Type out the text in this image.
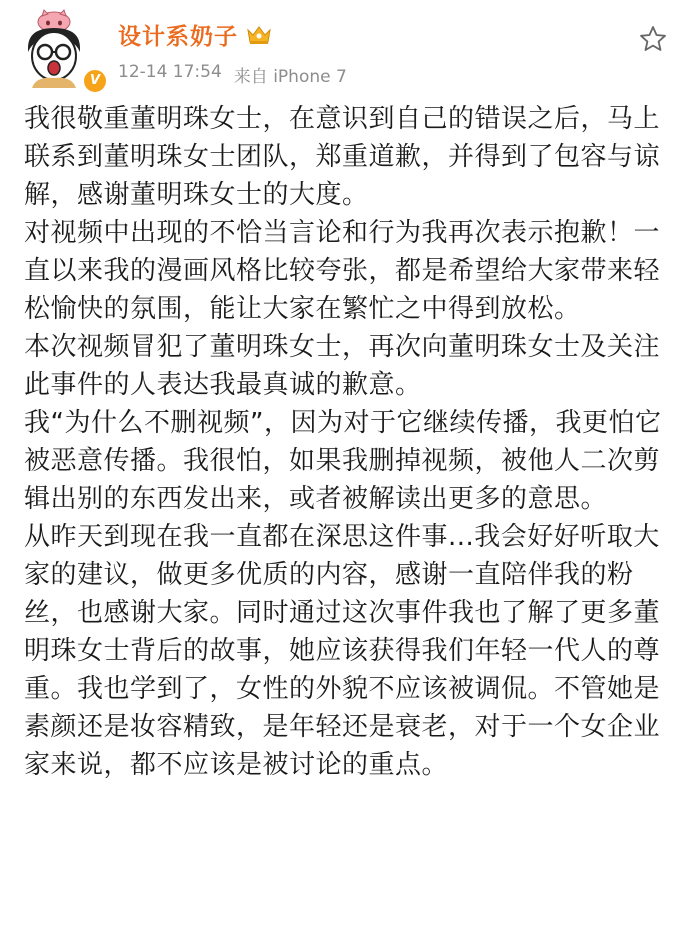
V
设计系奶子
12-14 17:54 来自 iPhone 7

我很敬重董明珠女士，在意识到自己的错误之后，马上联系到董明珠女士团队，郑重道歉，并得到了包容与谅解，感谢董明珠女士的大度。

对视频中出现的不恰当言论和行为我再次表示抱歉！一直以来我的漫画风格比较夸张，都是希望给大家带来轻松愉快的氛围，能让大家在繁忙之中得到放松。

本次视频冒犯了董明珠女士，再次向董明珠女士及关注此事件的人表达我最真诚的歉意。

我“为什么不删视频”，因为对于它继续传播，我更怕它被恶意传播。我很怕，如果我删掉视频，被他人二次剪辑出别的东西发出来，或者被解读出更多的意思。

从昨天到现在我一直都在深思这件事...我会好好听取大家的建议，做更多优质的内容，感谢一直陪伴我的粉丝，也感谢大家。同时通过这次事件我也了解了更多董明珠女士背后的故事，她应该获得我们年轻一代人的尊重。我也学到了，女性的外貌不应该被调侃。不管她是素颜还是妆容精致，是年轻还是衰老，对于一个女企业家来说，都不应该是被讨论的重点。
